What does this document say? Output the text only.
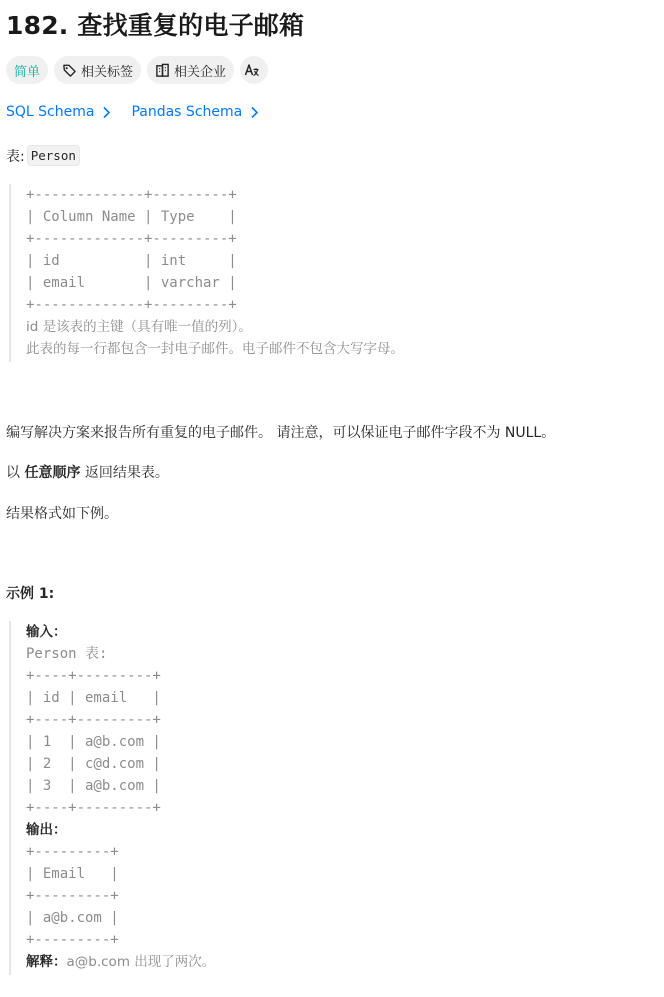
182. 查找重复的电子邮箱
简单	相关标签	相关企业
SQL Schema	Pandas Schema
表: Person
+-------------+---------+
| Column Name | Type    |
+-------------+---------+
| id          | int     |
| email       | varchar |
+-------------+---------+
id 是该表的主键（具有唯一值的列）。
此表的每一行都包含一封电子邮件。电子邮件不包含大写字母。
编写解决方案来报告所有重复的电子邮件。 请注意，可以保证电子邮件字段不为 NULL。
以 任意顺序 返回结果表。
结果格式如下例。
示例 1:
输入：
Person 表:
+----+---------+
| id | email   |
+----+---------+
| 1  | a@b.com |
| 2  | c@d.com |
| 3  | a@b.com |
+----+---------+
输出：
+---------+
| Email   |
+---------+
| a@b.com |
+---------+
解释： a@b.com 出现了两次。
